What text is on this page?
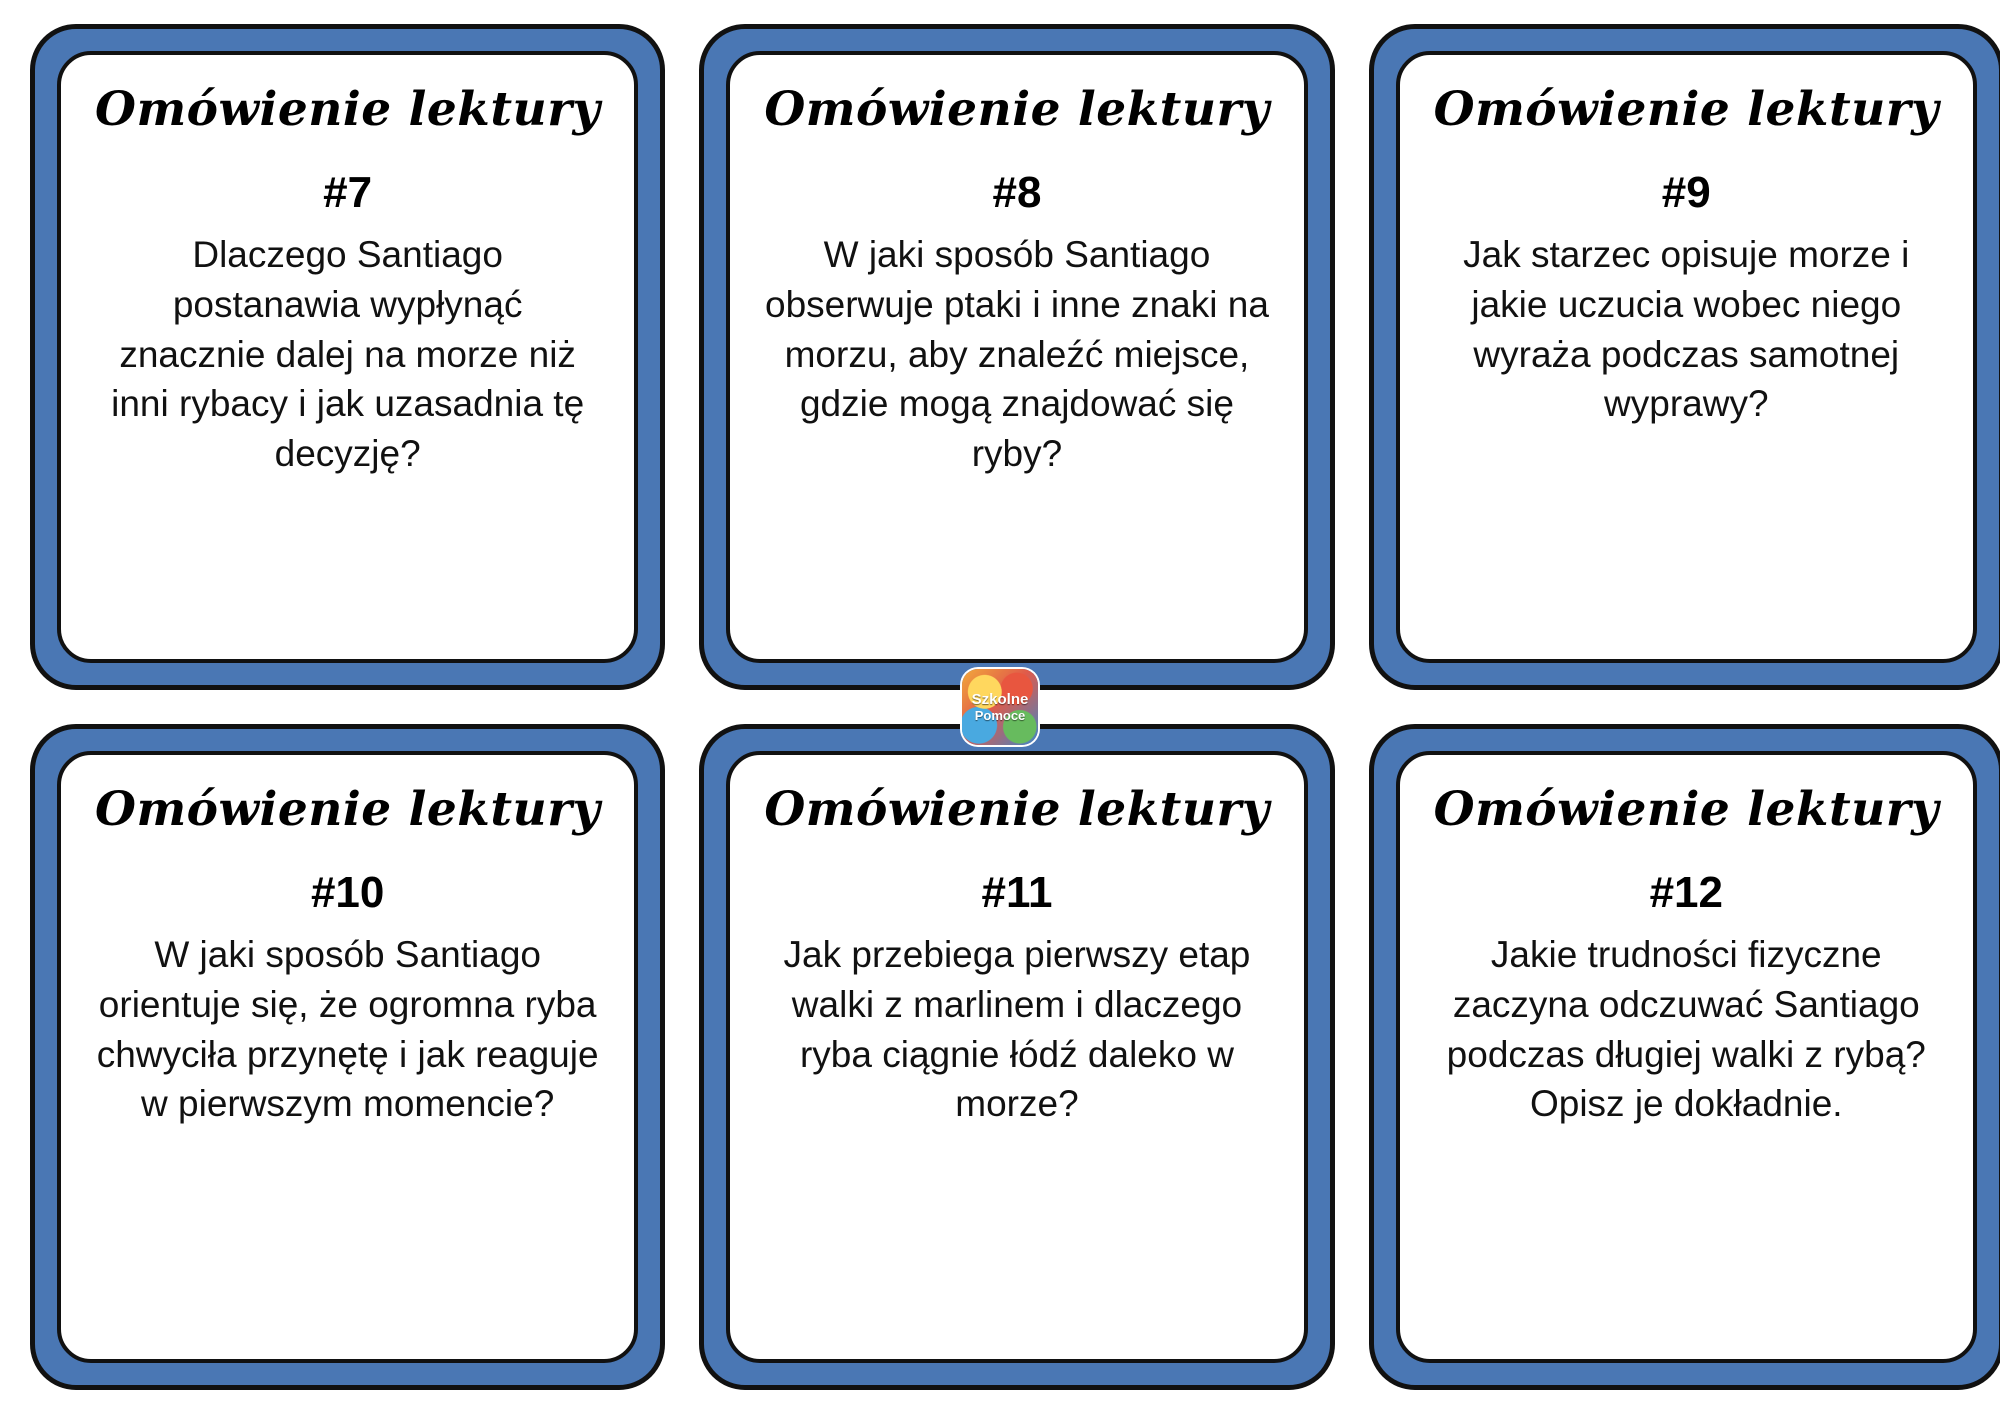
Omówienie lektury
#7
Dlaczego Santiago postanawia wypłynąć znacznie dalej na morze niż inni rybacy i jak uzasadnia tę decyzję?
Omówienie lektury
#8
W jaki sposób Santiago obserwuje ptaki i inne znaki na morzu, aby znaleźć miejsce, gdzie mogą znajdować się ryby?
Omówienie lektury
#9
Jak starzec opisuje morze i jakie uczucia wobec niego wyraża podczas samotnej wyprawy?
Omówienie lektury
#10
W jaki sposób Santiago orientuje się, że ogromna ryba chwyciła przynętę i jak reaguje w pierwszym momencie?
Omówienie lektury
#11
Jak przebiega pierwszy etap walki z marlinem i dlaczego ryba ciągnie łódź daleko w morze?
Omówienie lektury
#12
Jakie trudności fizyczne zaczyna odczuwać Santiago podczas długiej walki z rybą? Opisz je dokładnie.
Szkolne
Pomoce
